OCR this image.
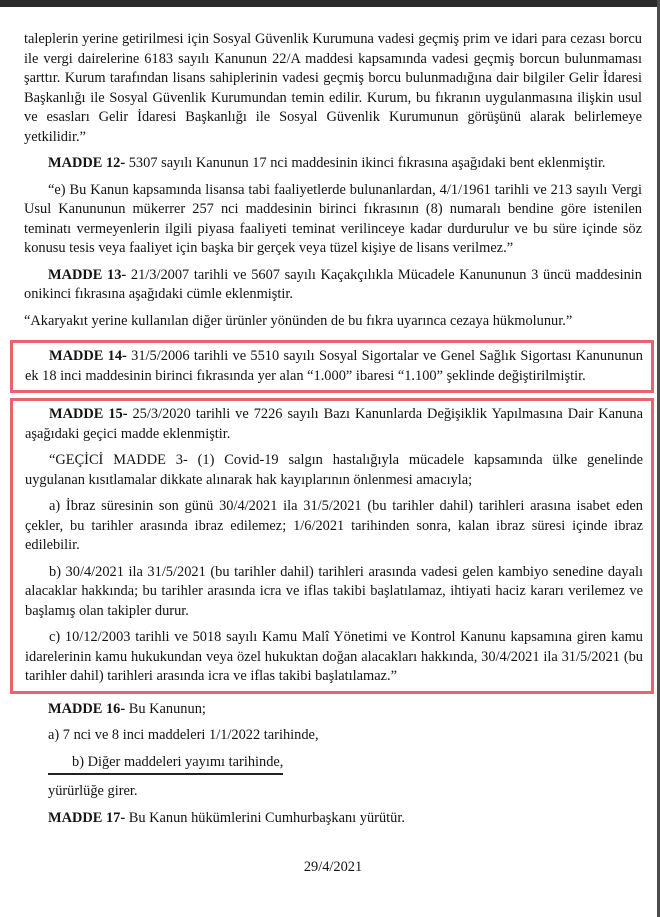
taleplerin yerine getirilmesi için Sosyal Güvenlik Kurumuna vadesi geçmiş prim ve idari para cezası borcu ile vergi dairelerine 6183 sayılı Kanunun 22/A maddesi kapsamında vadesi geçmiş borcun bulunmaması şarttır. Kurum tarafından lisans sahiplerinin vadesi geçmiş borcu bulunmadığına dair bilgiler Gelir İdaresi Başkanlığı ile Sosyal Güvenlik Kurumundan temin edilir. Kurum, bu fıkranın uygulanmasına ilişkin usul ve esasları Gelir İdaresi Başkanlığı ile Sosyal Güvenlik Kurumunun görüşünü alarak belirlemeye yetkilidir.”

MADDE 12- 5307 sayılı Kanunun 17 nci maddesinin ikinci fıkrasına aşağıdaki bent eklenmiştir.

“e) Bu Kanun kapsamında lisansa tabi faaliyetlerde bulunanlardan, 4/1/1961 tarihli ve 213 sayılı Vergi Usul Kanununun mükerrer 257 nci maddesinin birinci fıkrasının (8) numaralı bendine göre istenilen teminatı vermeyenlerin ilgili piyasa faaliyeti teminat verilinceye kadar durdurulur ve bu süre içinde söz konusu tesis veya faaliyet için başka bir gerçek veya tüzel kişiye de lisans verilmez.”

MADDE 13- 21/3/2007 tarihli ve 5607 sayılı Kaçakçılıkla Mücadele Kanununun 3 üncü maddesinin onikinci fıkrasına aşağıdaki cümle eklenmiştir.

“Akaryakıt yerine kullanılan diğer ürünler yönünden de bu fıkra uyarınca cezaya hükmolunur.”

MADDE 14- 31/5/2006 tarihli ve 5510 sayılı Sosyal Sigortalar ve Genel Sağlık Sigortası Kanununun ek 18 inci maddesinin birinci fıkrasında yer alan “1.000” ibaresi “1.100” şeklinde değiştirilmiştir.

MADDE 15- 25/3/2020 tarihli ve 7226 sayılı Bazı Kanunlarda Değişiklik Yapılmasına Dair Kanuna aşağıdaki geçici madde eklenmiştir.

“GEÇİCİ MADDE 3- (1) Covid-19 salgın hastalığıyla mücadele kapsamında ülke genelinde uygulanan kısıtlamalar dikkate alınarak hak kayıplarının önlenmesi amacıyla;

a) İbraz süresinin son günü 30/4/2021 ila 31/5/2021 (bu tarihler dahil) tarihleri arasına isabet eden çekler, bu tarihler arasında ibraz edilemez; 1/6/2021 tarihinden sonra, kalan ibraz süresi içinde ibraz edilebilir.

b) 30/4/2021 ila 31/5/2021 (bu tarihler dahil) tarihleri arasında vadesi gelen kambiyo senedine dayalı alacaklar hakkında; bu tarihler arasında icra ve iflas takibi başlatılamaz, ihtiyati haciz kararı verilemez ve başlamış olan takipler durur.

c) 10/12/2003 tarihli ve 5018 sayılı Kamu Malî Yönetimi ve Kontrol Kanunu kapsamına giren kamu idarelerinin kamu hukukundan veya özel hukuktan doğan alacakları hakkında, 30/4/2021 ila 31/5/2021 (bu tarihler dahil) tarihleri arasında icra ve iflas takibi başlatılamaz.”

MADDE 16- Bu Kanunun;

a) 7 nci ve 8 inci maddeleri 1/1/2022 tarihinde,

b) Diğer maddeleri yayımı tarihinde,

yürürlüğe girer.

MADDE 17- Bu Kanun hükümlerini Cumhurbaşkanı yürütür.

29/4/2021
